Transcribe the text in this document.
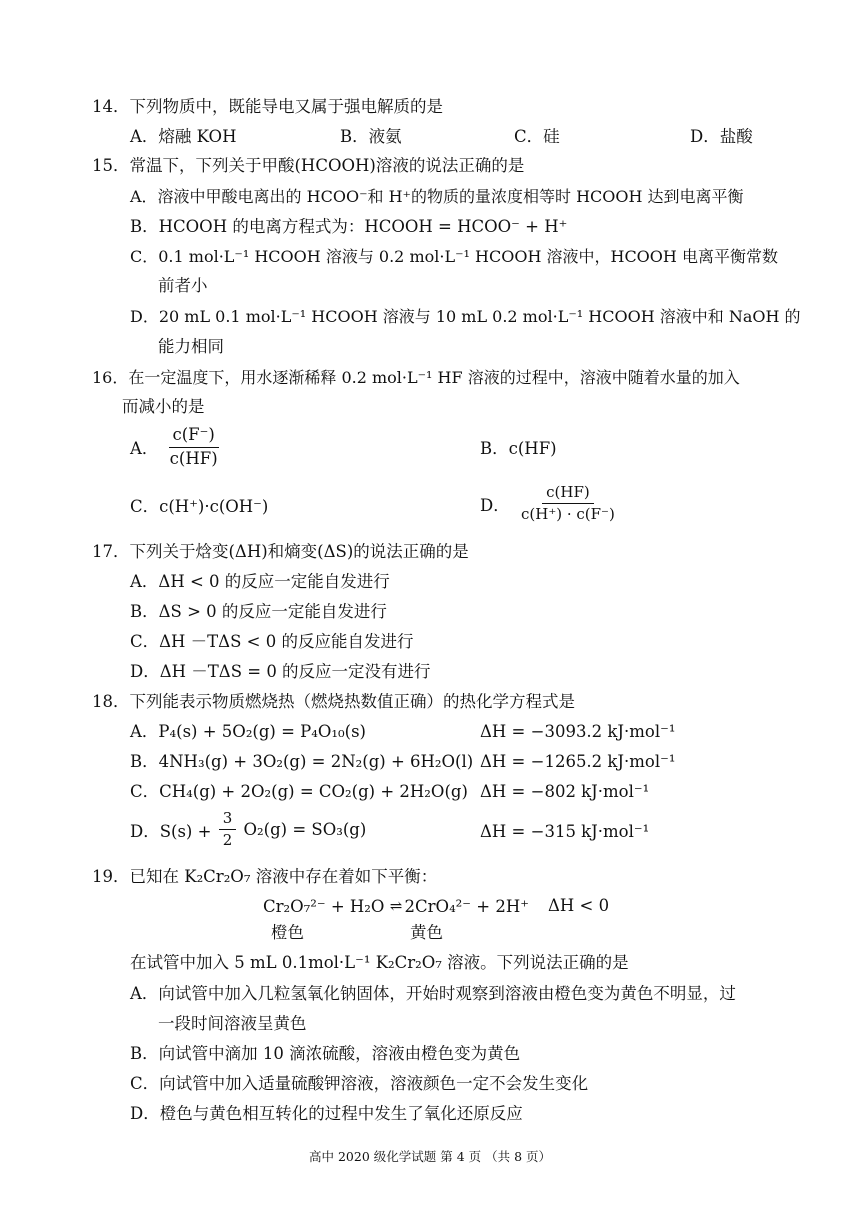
14．下列物质中，既能导电又属于强电解质的是
A．熔融 KOH	B．液氨	C．硅	D．盐酸
15．常温下，下列关于甲酸(HCOOH)溶液的说法正确的是
A．溶液中甲酸电离出的 HCOO⁻和 H⁺的物质的量浓度相等时 HCOOH 达到电离平衡
B．HCOOH 的电离方程式为：HCOOH = HCOO⁻ + H⁺
C．0.1 mol·L⁻¹ HCOOH 溶液与 0.2 mol·L⁻¹ HCOOH 溶液中，HCOOH 电离平衡常数
前者小
D．20 mL 0.1 mol·L⁻¹ HCOOH 溶液与 10 mL 0.2 mol·L⁻¹ HCOOH 溶液中和 NaOH 的
能力相同
16．在一定温度下，用水逐渐稀释 0.2 mol·L⁻¹ HF 溶液的过程中，溶液中随着水量的加入
而减小的是
A． $\frac{c(F^-)}{c(HF)}$	B．c(HF)
C．c(H⁺)·c(OH⁻)	D． $\frac{c(HF)}{c(H^+) \cdot c(F^-)}$
17．下列关于焓变(ΔH)和熵变(ΔS)的说法正确的是
A．ΔH < 0 的反应一定能自发进行
B．ΔS > 0 的反应一定能自发进行
C．ΔH －TΔS < 0 的反应能自发进行
D．ΔH －TΔS = 0 的反应一定没有进行
18．下列能表示物质燃烧热（燃烧热数值正确）的热化学方程式是
A．P₄(s) + 5O₂(g) = P₄O₁₀(s)	ΔH = −3093.2 kJ·mol⁻¹
B．4NH₃(g) + 3O₂(g) = 2N₂(g) + 6H₂O(l) ΔH = −1265.2 kJ·mol⁻¹
C．CH₄(g) + 2O₂(g) = CO₂(g) + 2H₂O(g) ΔH = −802 kJ·mol⁻¹
D．$S(s) + \frac{3}{2} O_2(g) = SO_3(g)$	ΔH = −315 kJ·mol⁻¹
19．已知在 K₂Cr₂O₇ 溶液中存在着如下平衡：
Cr₂O₇²⁻ + H₂O ⇌ 2CrO₄²⁻ + 2H⁺ ΔH < 0
橙色	黄色
在试管中加入 5 mL 0.1mol·L⁻¹ K₂Cr₂O₇ 溶液。下列说法正确的是
A．向试管中加入几粒氢氧化钠固体，开始时观察到溶液由橙色变为黄色不明显，过
一段时间溶液呈黄色
B．向试管中滴加 10 滴浓硫酸，溶液由橙色变为黄色
C．向试管中加入适量硫酸钾溶液，溶液颜色一定不会发生变化
D．橙色与黄色相互转化的过程中发生了氧化还原反应
高中 2020 级化学试题 第 4 页 （共 8 页）
